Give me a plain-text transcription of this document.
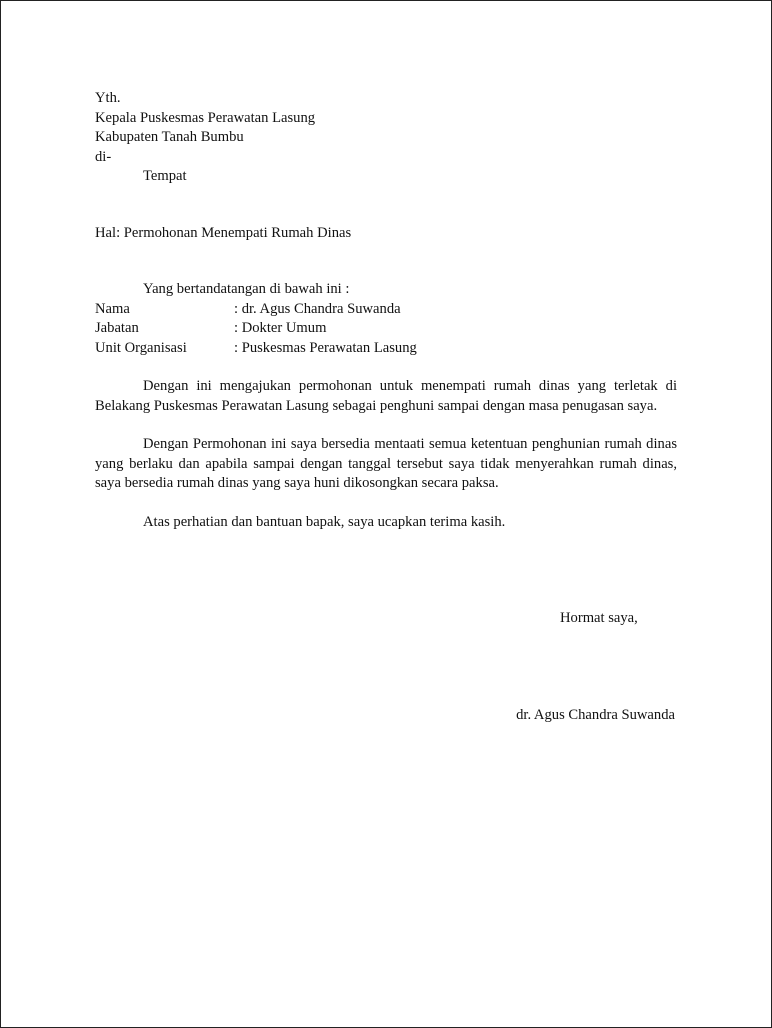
Yth.
Kepala Puskesmas Perawatan Lasung
Kabupaten Tanah Bumbu
di-
Tempat
Hal: Permohonan Menempati Rumah Dinas
Yang bertandatangan di bawah ini :
Nama	: dr. Agus Chandra Suwanda
Jabatan	: Dokter Umum
Unit Organisasi	: Puskesmas Perawatan Lasung

Dengan ini mengajukan permohonan untuk menempati rumah dinas yang terletak di Belakang Puskesmas Perawatan Lasung sebagai penghuni sampai dengan masa penugasan saya.

Dengan Permohonan ini saya bersedia mentaati semua ketentuan penghunian rumah dinas yang berlaku dan apabila sampai dengan tanggal tersebut saya tidak menyerahkan rumah dinas, saya bersedia rumah dinas yang saya huni dikosongkan secara paksa.

Atas perhatian dan bantuan bapak, saya ucapkan terima kasih.

Hormat saya,
dr. Agus Chandra Suwanda
